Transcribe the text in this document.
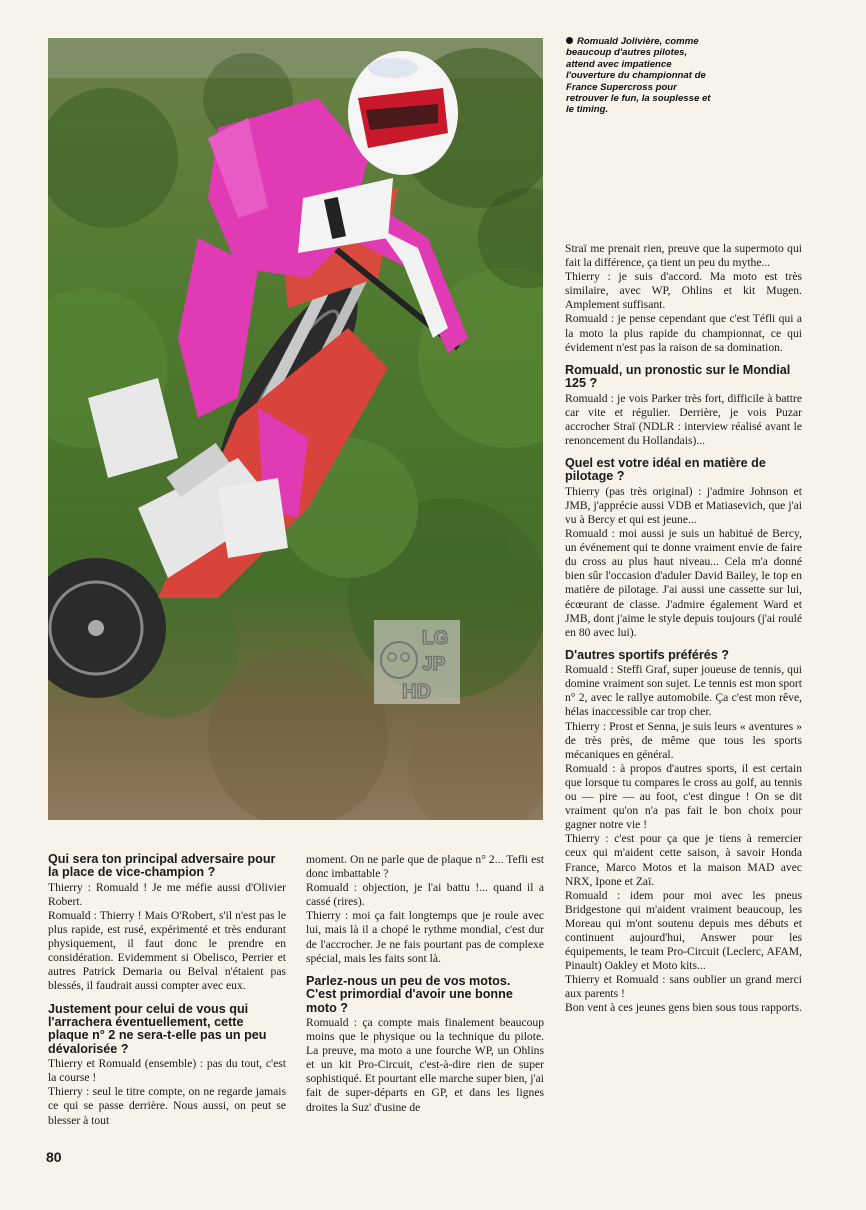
Romuald Jolivière, comme beaucoup d'autres pilotes, attend avec impatience l'ouverture du championnat de France Supercross pour retrouver le fun, la souplesse et le timing.
LG
JP
HD

Qui sera ton principal adversaire pour la place de vice-champion ?

Thierry : Romuald ! Je me méfie aussi d'Olivier Robert.

Romuald : Thierry ! Mais O'Robert, s'il n'est pas le plus rapide, est rusé, expérimenté et très endurant physiquement, il faut donc le prendre en considération. Evidemment si Obelisco, Perrier et autres Patrick Demaria ou Belval n'étaient pas blessés, il faudrait aussi compter avec eux.

Justement pour celui de vous qui l'arrachera éventuellement, cette plaque n° 2 ne sera-t-elle pas un peu dévalorisée ?

Thierry et Romuald (ensemble) : pas du tout, c'est la course !

Thierry : seul le titre compte, on ne regarde jamais ce qui se passe derrière. Nous aussi, on peut se blesser à tout

moment. On ne parle que de plaque n° 2... Tefli est donc imbattable ?

Romuald : objection, je l'ai battu !... quand il a cassé (rires).

Thierry : moi ça fait longtemps que je roule avec lui, mais là il a chopé le rythme mondial, c'est dur de l'accrocher. Je ne fais pourtant pas de complexe spécial, mais les faits sont là.

Parlez-nous un peu de vos motos. C'est primordial d'avoir une bonne moto ?

Romuald : ça compte mais finalement beaucoup moins que le physique ou la technique du pilote. La preuve, ma moto a une fourche WP, un Ohlins et un kit Pro-Circuit, c'est-à-dire rien de super sophistiqué. Et pourtant elle marche super bien, j'ai fait de super-départs en GP, et dans les lignes droites la Suz' d'usine de

Straï me prenait rien, preuve que la supermoto qui fait la différence, ça tient un peu du mythe...

Thierry : je suis d'accord. Ma moto est très similaire, avec WP, Ohlins et kit Mugen. Amplement suffisant.

Romuald : je pense cependant que c'est Téfli qui a la moto la plus rapide du championnat, ce qui évidement n'est pas la raison de sa domination.

Romuald, un pronostic sur le Mondial 125 ?

Romuald : je vois Parker très fort, difficile à battre car vite et régulier. Derrière, je vois Puzar accrocher Straï (NDLR : interview réalisé avant le renoncement du Hollandais)...

Quel est votre idéal en matière de pilotage ?

Thierry (pas très original) : j'admire Johnson et JMB, j'apprécie aussi VDB et Matiasevich, que j'ai vu à Bercy et qui est jeune...

Romuald : moi aussi je suis un habitué de Bercy, un événement qui te donne vraiment envie de faire du cross au plus haut niveau... Cela m'a donné bien sûr l'occasion d'aduler David Bailey, le top en matière de pilotage. J'ai aussi une cassette sur lui, écœurant de classe. J'admire également Ward et JMB, dont j'aime le style depuis toujours (j'ai roulé en 80 avec lui).

D'autres sportifs préférés ?

Romuald : Steffi Graf, super joueuse de tennis, qui domine vraiment son sujet. Le tennis est mon sport n° 2, avec le rallye automobile. Ça c'est mon rêve, hélas inaccessible car trop cher.

Thierry : Prost et Senna, je suis leurs « aventures » de très près, de même que tous les sports mécaniques en général.

Romuald : à propos d'autres sports, il est certain que lorsque tu compares le cross au golf, au tennis ou — pire — au foot, c'est dingue ! On se dit vraiment qu'on n'a pas fait le bon choix pour gagner notre vie !

Thierry : c'est pour ça que je tiens à remercier ceux qui m'aident cette saison, à savoir Honda France, Marco Motos et la maison MAD avec NRX, Ipone et Zaï.

Romuald : idem pour moi avec les pneus Bridgestone qui m'aident vraiment beaucoup, les Moreau qui m'ont soutenu depuis mes débuts et continuent aujourd'hui, Answer pour les équipements, le team Pro-Circuit (Leclerc, AFAM, Pinault) Oakley et Moto kits...

Thierry et Romuald : sans oublier un grand merci aux parents !

Bon vent à ces jeunes gens bien sous tous rapports.

80
